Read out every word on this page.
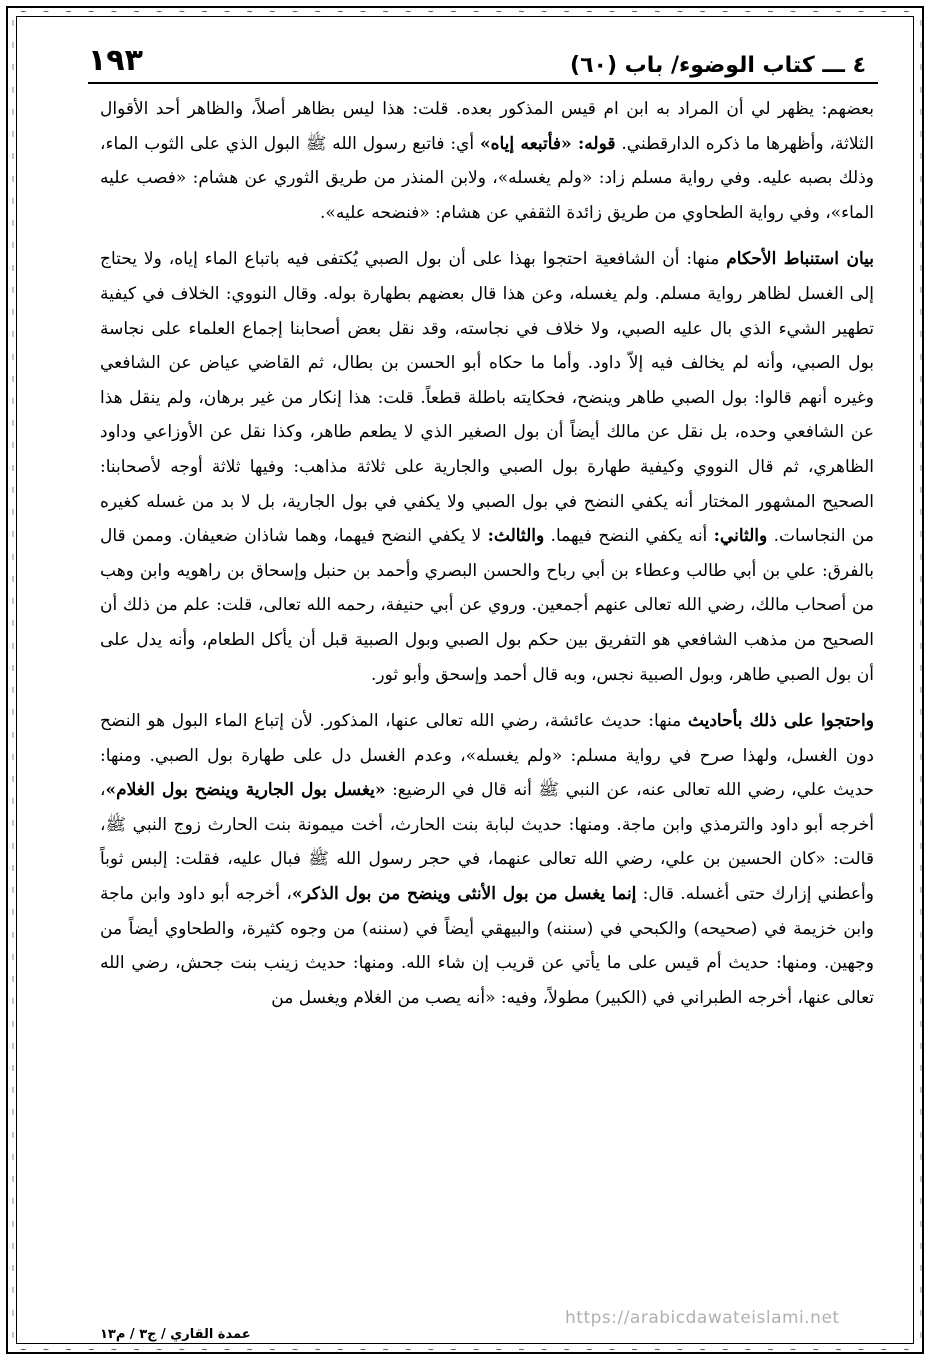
⦚
⦚
⦚
⦚
⦚
⦚
⦚
⦚
⦚
⦚
⦚
⦚
⦚
⦚
⦚
⦚
⦚
⦚
⦚
⦚
⦚
⦚
⦚
⦚
⦚
⦚
⦚
⦚
⦚
⦚
⦚
⦚
⦚
⦚
⦚
⦚
⦚
⦚
⦚
⦚
⦚
⦚
⦚
⦚
⦚
⦚
⦚
⦚
⦚
⦚
⦚
⦚
⦚
⦚
⦚
⦚
⦚
⦚
⦚
⦚
⦚
⦚
⦚
⦚
⦚
⦚
⦚
⦚
⦚
⦚
⦚
⦚
⦚
⦚
⦚
⦚
⦚
⦚
⦚
⦚
⦚
⦚
⦚
⦚
⦚
⦚
⦚
⦚
⦚
⦚
⦚
⦚
⦚
⦚
⦚
⦚
⦚
⦚
⦚
⦚
⦚
⦚
⦚
⦚
⦚
⦚
⦚
⦚
⦚
⦚
⦚
⦚
⦚
⦚
⦚
⦚
⦚
⦚
⦚
⦚
∼ ∼ ∼ ∼ ∼ ∼ ∼ ∼ ∼ ∼ ∼ ∼ ∼ ∼ ∼ ∼ ∼ ∼ ∼ ∼ ∼ ∼ ∼ ∼ ∼ ∼ ∼ ∼ ∼ ∼ ∼ ∼ ∼ ∼ ∼ ∼ ∼ ∼ ∼ ∼
∼ ∼ ∼ ∼ ∼ ∼ ∼ ∼ ∼ ∼ ∼ ∼ ∼ ∼ ∼ ∼ ∼ ∼ ∼ ∼ ∼ ∼ ∼ ∼ ∼ ∼ ∼ ∼ ∼ ∼ ∼ ∼ ∼ ∼ ∼ ∼ ∼ ∼ ∼ ∼
٤ ـــ كتاب الوضوء/ باب (٦٠)
١٩٣

بعضهم: يظهر لي أن المراد به ابن ام قيس المذكور بعده. قلت: هذا ليس بظاهر أصلاً، والظاهر أحد الأقوال الثلاثة، وأظهرها ما ذكره الدارقطني. قوله: «فأتبعه إياه» أي: فاتبع رسول الله ﷺ البول الذي على الثوب الماء، وذلك بصبه عليه. وفي رواية مسلم زاد: «ولم يغسله»، ولابن المنذر من طريق الثوري عن هشام: «فصب عليه الماء»، وفي رواية الطحاوي من طريق زائدة الثقفي عن هشام: «فنضحه عليه».

بيان استنباط الأحكام منها: أن الشافعية احتجوا بهذا على أن بول الصبي يُكتفى فيه باتباع الماء إياه، ولا يحتاج إلى الغسل لظاهر رواية مسلم. ولم يغسله، وعن هذا قال بعضهم بطهارة بوله. وقال النووي: الخلاف في كيفية تطهير الشيء الذي بال عليه الصبي، ولا خلاف في نجاسته، وقد نقل بعض أصحابنا إجماع العلماء على نجاسة بول الصبي، وأنه لم يخالف فيه إلاّ داود. وأما ما حكاه أبو الحسن بن بطال، ثم القاضي عياض عن الشافعي وغيره أنهم قالوا: بول الصبي طاهر وينضح، فحكايته باطلة قطعاً. قلت: هذا إنكار من غير برهان، ولم ينقل هذا عن الشافعي وحده، بل نقل عن مالك أيضاً أن بول الصغير الذي لا يطعم طاهر، وكذا نقل عن الأوزاعي وداود الظاهري، ثم قال النووي وكيفية طهارة بول الصبي والجارية على ثلاثة مذاهب: وفيها ثلاثة أوجه لأصحابنا: الصحيح المشهور المختار أنه يكفي النضح في بول الصبي ولا يكفي في بول الجارية، بل لا بد من غسله كغيره من النجاسات. والثاني: أنه يكفي النضح فيهما. والثالث: لا يكفي النضح فيهما، وهما شاذان ضعيفان. وممن قال بالفرق: علي بن أبي طالب وعطاء بن أبي رباح والحسن البصري وأحمد بن حنبل وإسحاق بن راهويه وابن وهب من أصحاب مالك، رضي الله تعالى عنهم أجمعين. وروي عن أبي حنيفة، رحمه الله تعالى، قلت: علم من ذلك أن الصحيح من مذهب الشافعي هو التفريق بين حكم بول الصبي وبول الصبية قبل أن يأكل الطعام، وأنه يدل على أن بول الصبي طاهر، وبول الصبية نجس، وبه قال أحمد وإسحق وأبو ثور.

واحتجوا على ذلك بأحاديث منها: حديث عائشة، رضي الله تعالى عنها، المذكور. لأن إتباع الماء البول هو النضح دون الغسل، ولهذا صرح في رواية مسلم: «ولم يغسله»، وعدم الغسل دل على طهارة بول الصبي. ومنها: حديث علي، رضي الله تعالى عنه، عن النبي ﷺ أنه قال في الرضيع: «يغسل بول الجارية وينضح بول الغلام»، أخرجه أبو داود والترمذي وابن ماجة. ومنها: حديث لبابة بنت الحارث، أخت ميمونة بنت الحارث زوج النبي ﷺ، قالت: «كان الحسين بن علي، رضي الله تعالى عنهما، في حجر رسول الله ﷺ فبال عليه، فقلت: إلبس ثوباً وأعطني إزارك حتى أغسله. قال: إنما يغسل من بول الأنثى وينضح من بول الذكر»، أخرجه أبو داود وابن ماجة وابن خزيمة في (صحيحه) والكبحي في (سننه) والبيهقي أيضاً في (سننه) من وجوه كثيرة، والطحاوي أيضاً من وجهين. ومنها: حديث أم قيس على ما يأتي عن قريب إن شاء الله. ومنها: حديث زينب بنت جحش، رضي الله تعالى عنها، أخرجه الطبراني في (الكبير) مطولاً، وفيه: «أنه يصب من الغلام ويغسل من

عمدة القاري / ج٣ / م١٣
https://arabicdawateislami.net
